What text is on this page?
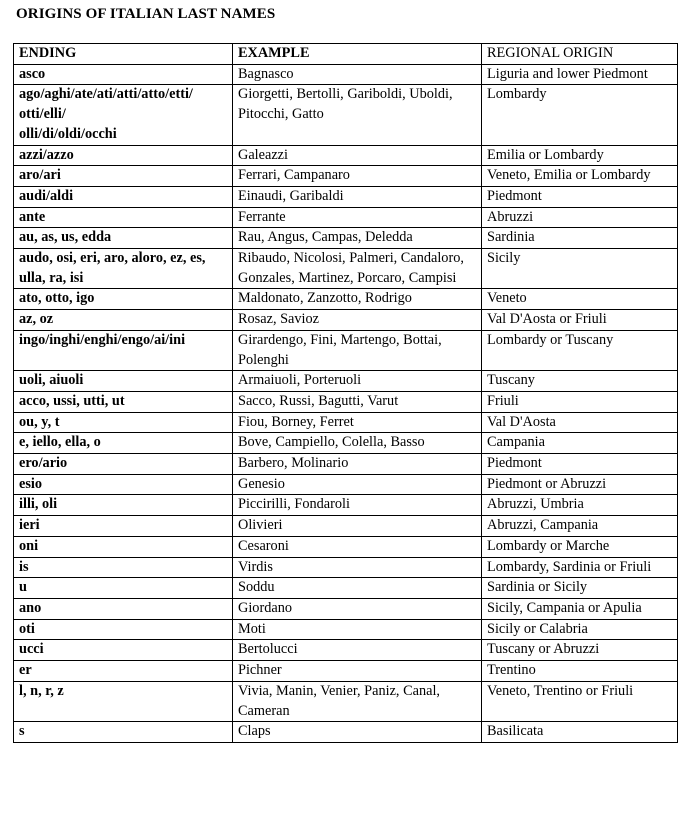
ORIGINS OF ITALIAN LAST NAMES
ENDING	EXAMPLE	REGIONAL ORIGIN
asco	Bagnasco	Liguria and lower Piedmont
ago/aghi/ate/ati/atti/atto/etti/
otti/elli/
olli/di/oldi/occhi	Giorgetti, Bertolli, Gariboldi, Uboldi, Pitocchi, Gatto	Lombardy
azzi/azzo	Galeazzi	Emilia or Lombardy
aro/ari	Ferrari, Campanaro	Veneto, Emilia or Lombardy
audi/aldi	Einaudi, Garibaldi	Piedmont
ante	Ferrante	Abruzzi
au, as, us, edda	Rau, Angus, Campas, Deledda	Sardinia
audo, osi, eri, aro, aloro, ez, es, ulla, ra, isi	Ribaudo, Nicolosi, Palmeri, Candaloro, Gonzales, Martinez, Porcaro, Campisi	Sicily
ato, otto, igo	Maldonato, Zanzotto, Rodrigo	Veneto
az, oz	Rosaz, Savioz	Val D'Aosta or Friuli
ingo/inghi/enghi/engo/ai/ini	Girardengo, Fini, Martengo, Bottai, Polenghi	Lombardy or Tuscany
uoli, aiuoli	Armaiuoli, Porteruoli	Tuscany
acco, ussi, utti, ut	Sacco, Russi, Bagutti, Varut	Friuli
ou, y, t	Fiou, Borney, Ferret	Val D'Aosta
e, iello, ella, o	Bove, Campiello, Colella, Basso	Campania
ero/ario	Barbero, Molinario	Piedmont
esio	Genesio	Piedmont or Abruzzi
illi, oli	Piccirilli, Fondaroli	Abruzzi, Umbria
ieri	Olivieri	Abruzzi, Campania
oni	Cesaroni	Lombardy or Marche
is	Virdis	Lombardy, Sardinia or Friuli
u	Soddu	Sardinia or Sicily
ano	Giordano	Sicily, Campania or Apulia
oti	Moti	Sicily or Calabria
ucci	Bertolucci	Tuscany or Abruzzi
er	Pichner	Trentino
l, n, r, z	Vivia, Manin, Venier, Paniz, Canal, Cameran	Veneto, Trentino or Friuli
s	Claps	Basilicata
